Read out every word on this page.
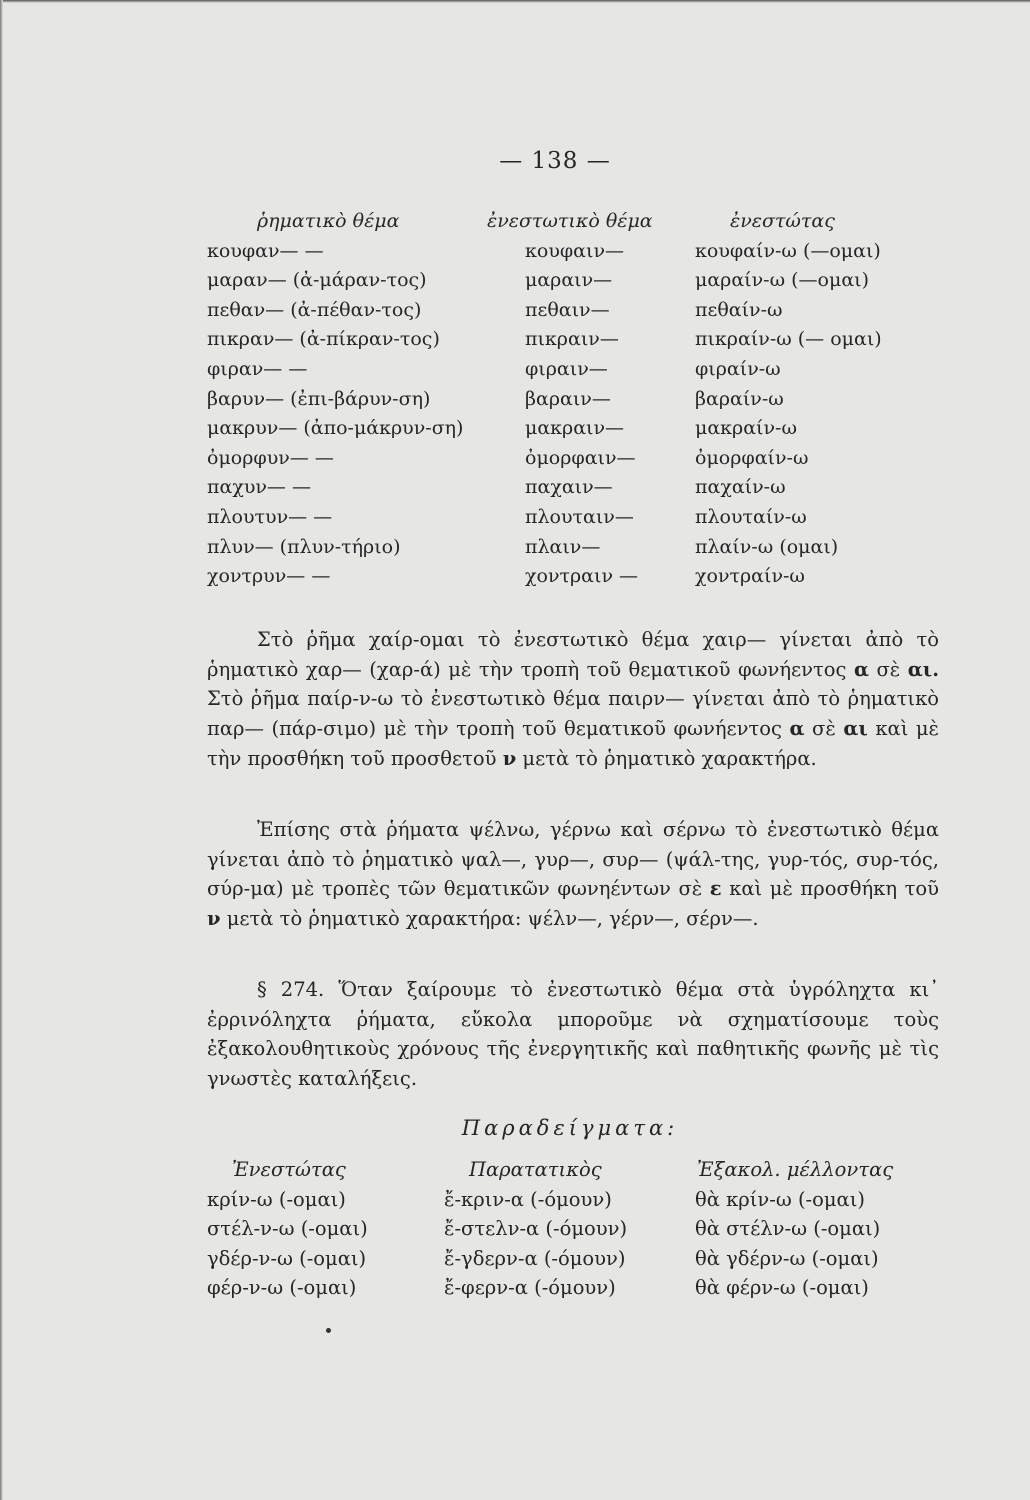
— 138 —
ῥηματικὸ θέμα	ἐνεστωτικὸ θέμα	ἐνεστώτας
κουφαν— —	κουφαιν—	κουφαίν-ω (—ομαι)
μαραν— (ἀ-μάραν-τος)	μαραιν—	μαραίν-ω (—ομαι)
πεθαν— (ἀ-πέθαν-τος)	πεθαιν—	πεθαίν-ω
πικραν— (ἀ-πίκραν-τος)	πικραιν—	πικραίν-ω (— ομαι)
φιραν— —	φιραιν—	φιραίν-ω
βαρυν— (ἐπι-βάρυν-ση)	βαραιν—	βαραίν-ω
μακρυν— (ἀπο-μάκρυν-ση)	μακραιν—	μακραίν-ω
ὀμορφυν— —	ὀμορφαιν—	ὀμορφαίν-ω
παχυν— —	παχαιν—	παχαίν-ω
πλουτυν— —	πλουταιν—	πλουταίν-ω
πλυν— (πλυν-τήριο)	πλαιν—	πλαίν-ω (ομαι)
χοντρυν— —	χοντραιν —	χοντραίν-ω
Στὸ ῥῆμα χαίρ-ομαι τὸ ἐνεστωτικὸ θέμα χαιρ— γίνεται ἀπὸ τὸ ῥηματικὸ χαρ— (χαρ-ά) μὲ τὴν τροπὴ τοῦ θεματικοῦ φωνήεντος α σὲ αι. Στὸ ῥῆμα παίρ-ν-ω τὸ ἐνεστωτικὸ θέμα παιρν— γίνεται ἀπὸ τὸ ῥηματικὸ παρ— (πάρ-σιμο) μὲ τὴν τροπὴ τοῦ θεματικοῦ φωνήεντος α σὲ αι καὶ μὲ τὴν προσθήκη τοῦ προσθετοῦ ν μετὰ τὸ ῥηματικὸ χαρακτήρα.
Ἐπίσης στὰ ῥήματα ψέλνω, γέρνω καὶ σέρνω τὸ ἐνεστωτικὸ θέμα γίνεται ἀπὸ τὸ ῥηματικὸ ψαλ—, γυρ—, συρ— (ψάλ-της, γυρ-τός, συρ-τός, σύρ-μα) μὲ τροπὲς τῶν θεματικῶν φωνηέντων σὲ ε καὶ μὲ προσθήκη τοῦ ν μετὰ τὸ ῥηματικὸ χαρακτήρα: ψέλν—, γέρν—, σέρν—.
§ 274. Ὅταν ξαίρουμε τὸ ἐνεστωτικὸ θέμα στὰ ὑγρόληχτα κι᾿ ἐρρινόληχτα ῥήματα, εὔκολα μποροῦμε νὰ σχηματίσουμε τοὺς ἐξακολουθητικοὺς χρόνους τῆς ἐνεργητικῆς καὶ παθητικῆς φωνῆς μὲ τὶς γνωστὲς καταλήξεις.
Παραδείγματα:
Ἐνεστώτας	Παρατατικὸς	Ἐξακολ. μέλλοντας
κρίν-ω (-ομαι)	ἔ-κριν-α (-όμουν)	θὰ κρίν-ω (-ομαι)
στέλ-ν-ω (-ομαι)	ἔ-στελν-α (-όμουν)	θὰ στέλν-ω (-ομαι)
γδέρ-ν-ω (-ομαι)	ἔ-γδερν-α (-όμουν)	θὰ γδέρν-ω (-ομαι)
φέρ-ν-ω (-ομαι)	ἔ-φερν-α (-όμουν)	θὰ φέρν-ω (-ομαι)
